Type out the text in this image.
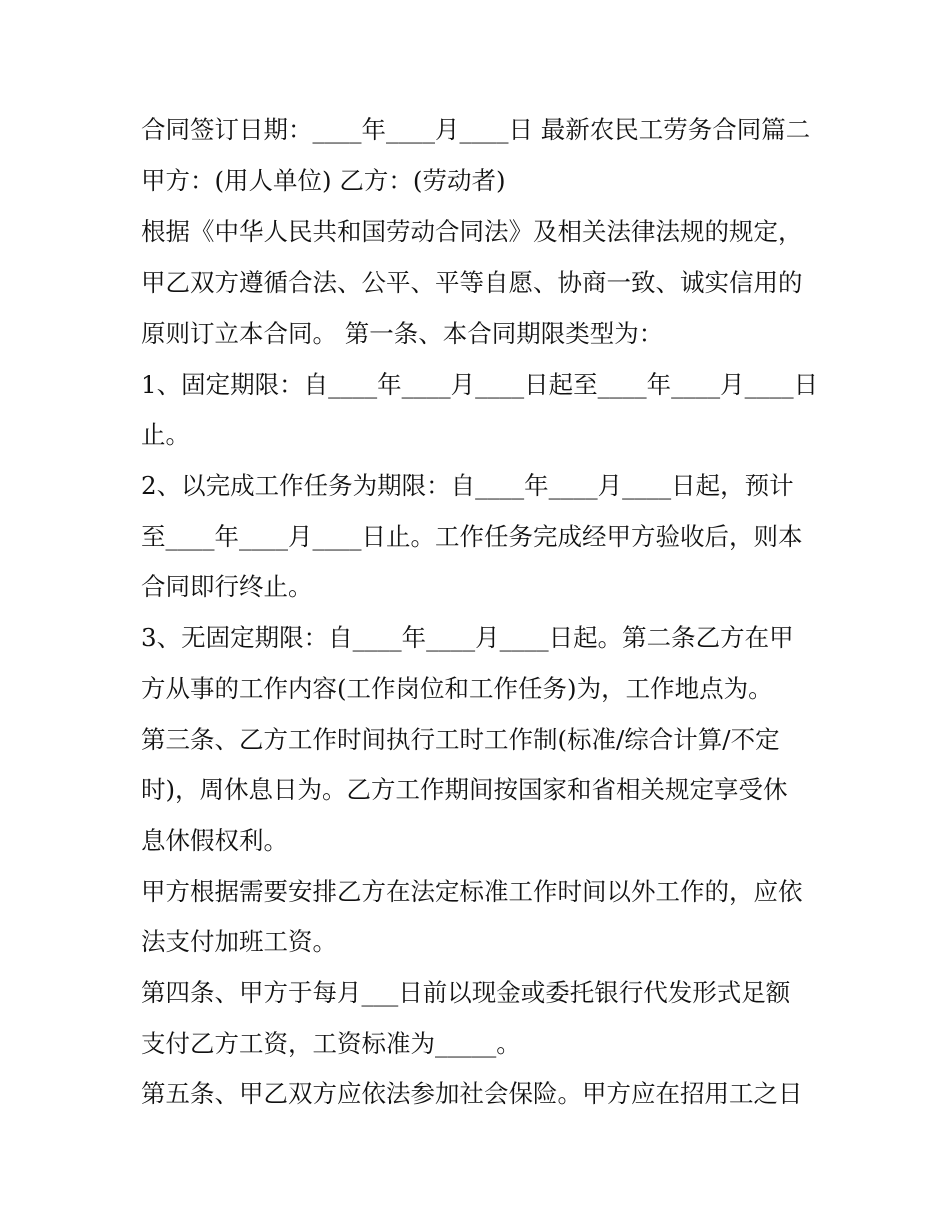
合同签订日期：____年____月____日 最新农民工劳务合同篇二
甲方：(用人单位) 乙方：(劳动者)
根据《中华人民共和国劳动合同法》及相关法律法规的规定，
甲乙双方遵循合法、公平、平等自愿、协商一致、诚实信用的
原则订立本合同。 第一条、本合同期限类型为：
1、固定期限：自____年____月____日起至____年____月____日
止。
2、以完成工作任务为期限：自____年____月____日起，预计
至____年____月____日止。工作任务完成经甲方验收后，则本
合同即行终止。
3、无固定期限：自____年____月____日起。第二条乙方在甲
方从事的工作内容(工作岗位和工作任务)为，工作地点为。
第三条、乙方工作时间执行工时工作制(标准/综合计算/不定
时)，周休息日为。乙方工作期间按国家和省相关规定享受休
息休假权利。
甲方根据需要安排乙方在法定标准工作时间以外工作的，应依
法支付加班工资。
第四条、甲方于每月___日前以现金或委托银行代发形式足额
支付乙方工资，工资标准为_____。
第五条、甲乙双方应依法参加社会保险。甲方应在招用工之日
